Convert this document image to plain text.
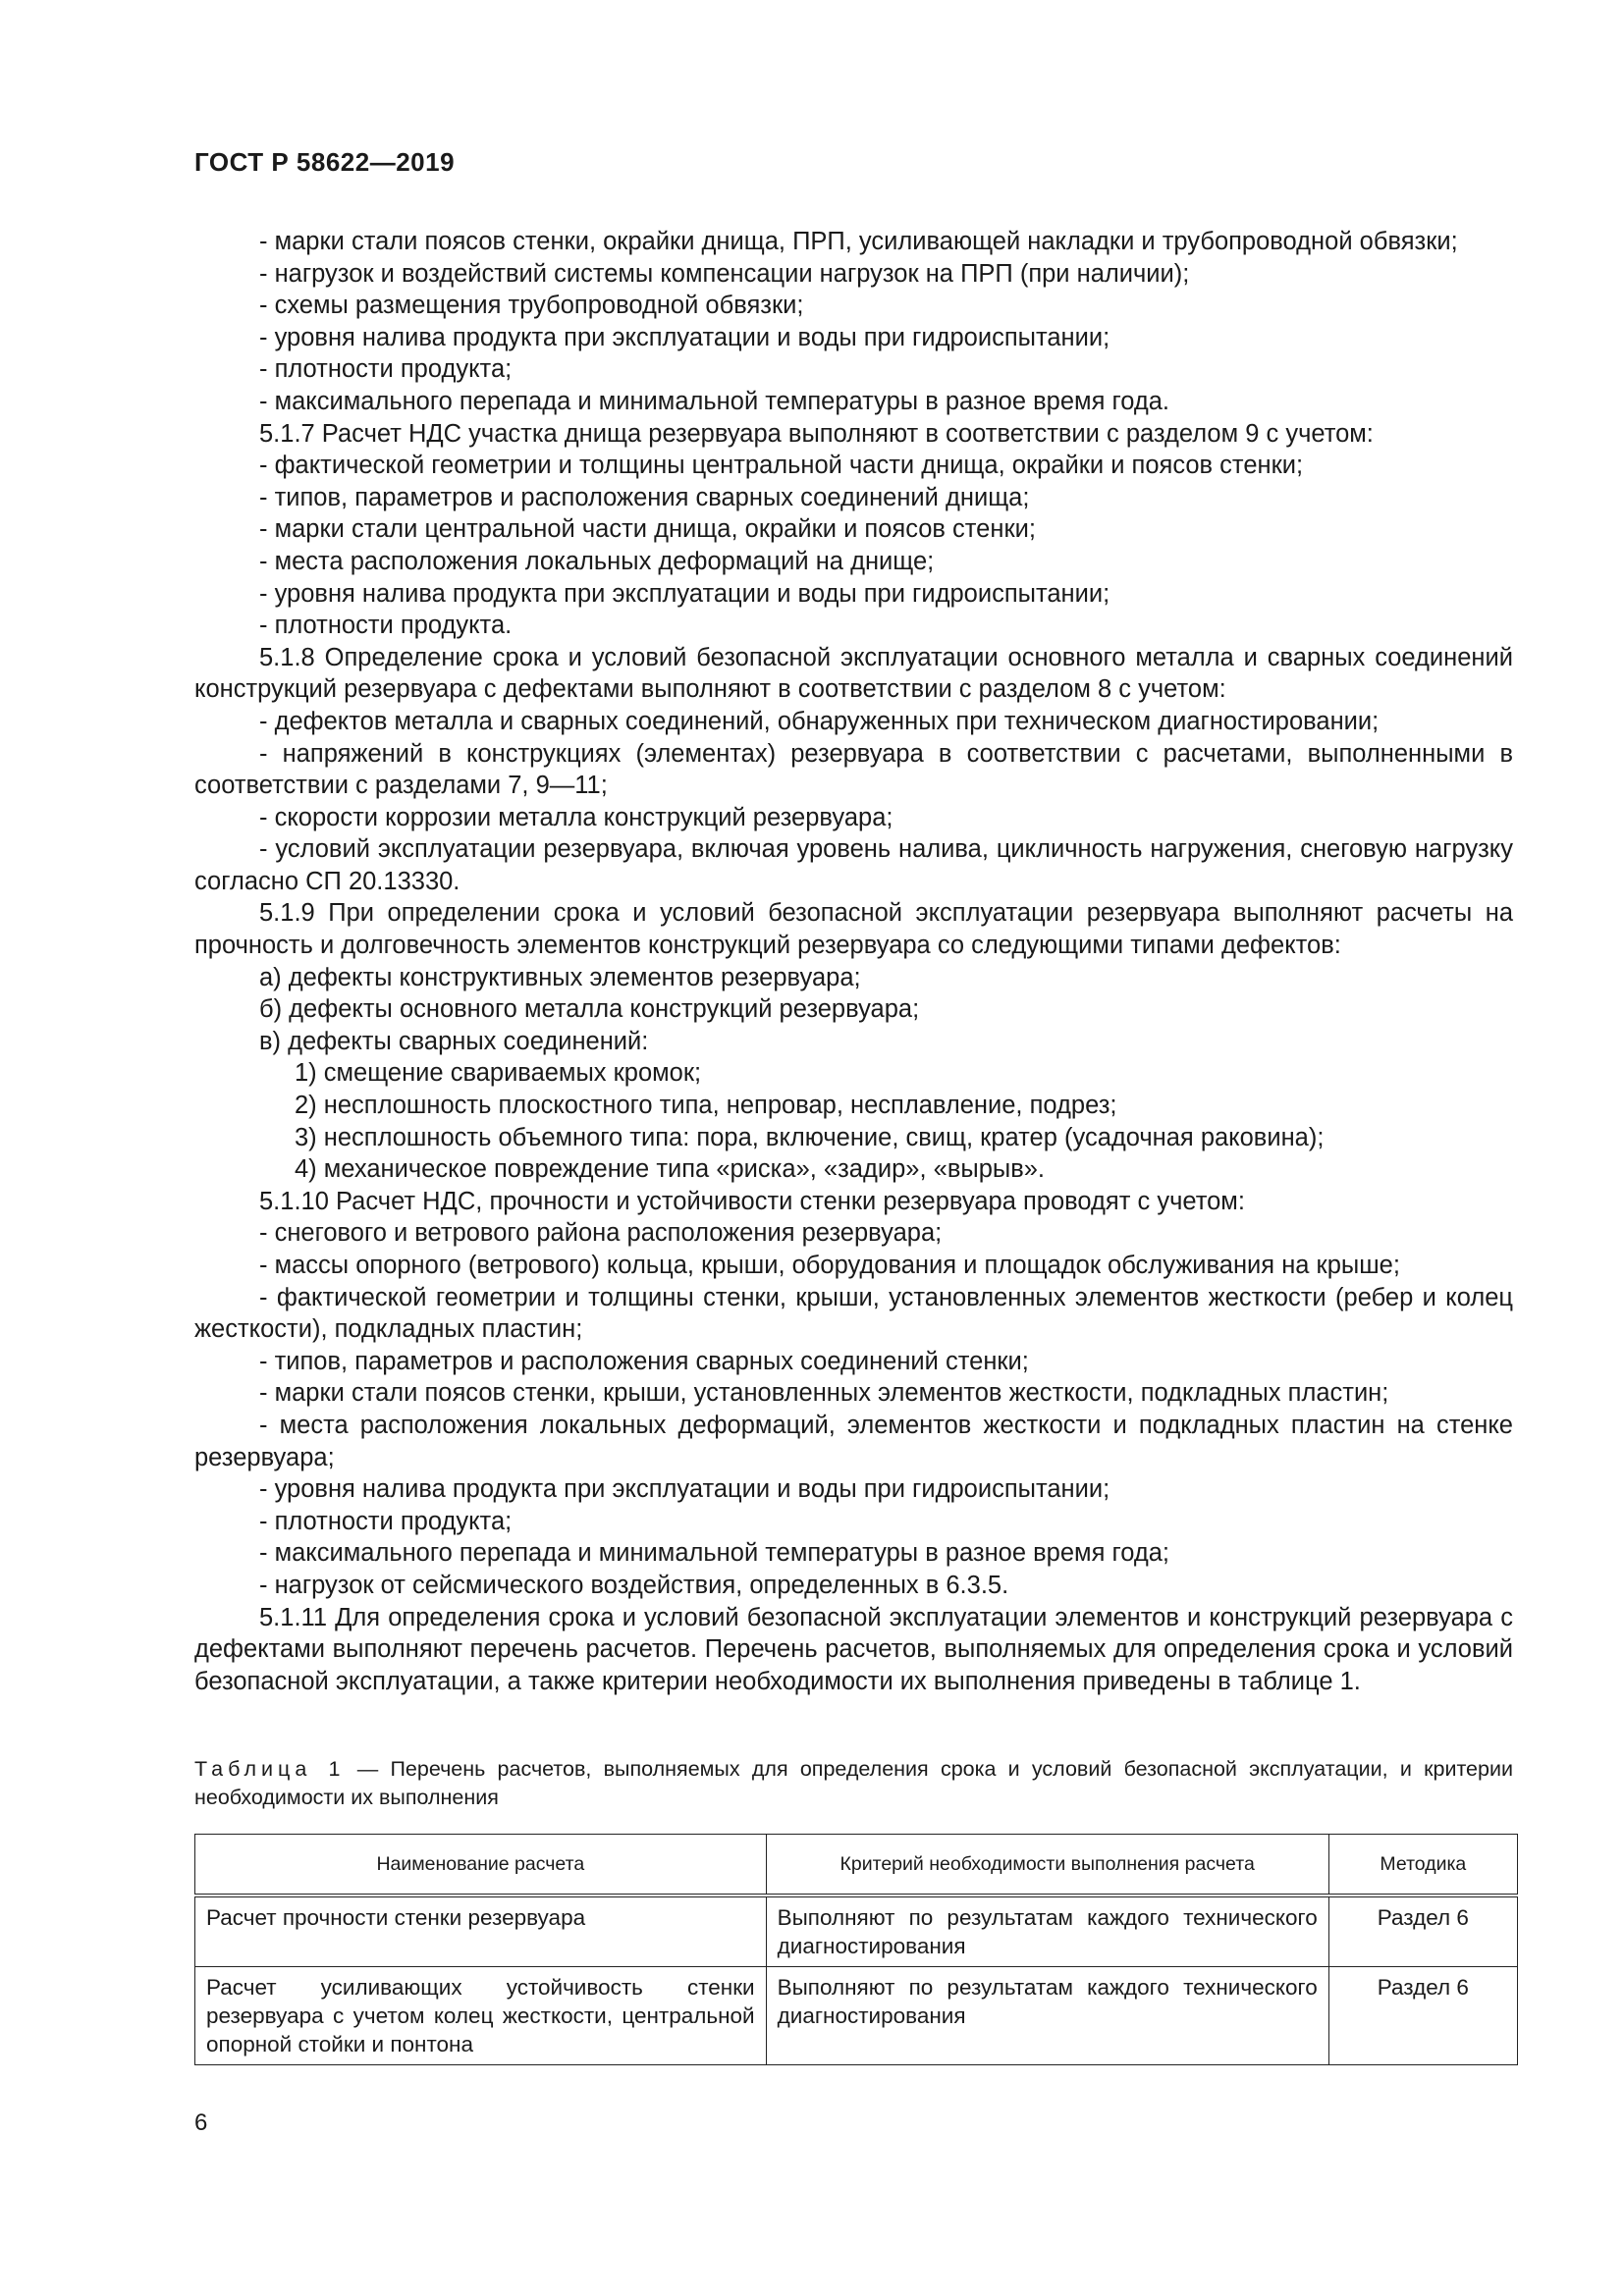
ГОСТ Р 58622—2019
- марки стали поясов стенки, окрайки днища, ПРП, усиливающей накладки и трубопроводной обвязки;
- нагрузок и воздействий системы компенсации нагрузок на ПРП (при наличии);
- схемы размещения трубопроводной обвязки;
- уровня налива продукта при эксплуатации и воды при гидроиспытании;
- плотности продукта;
- максимального перепада и минимальной температуры в разное время года.
5.1.7 Расчет НДС участка днища резервуара выполняют в соответствии с разделом 9 с учетом:
- фактической геометрии и толщины центральной части днища, окрайки и поясов стенки;
- типов, параметров и расположения сварных соединений днища;
- марки стали центральной части днища, окрайки и поясов стенки;
- места расположения локальных деформаций на днище;
- уровня налива продукта при эксплуатации и воды при гидроиспытании;
- плотности продукта.
5.1.8 Определение срока и условий безопасной эксплуатации основного металла и сварных соединений конструкций резервуара с дефектами выполняют в соответствии с разделом 8 с учетом:
- дефектов металла и сварных соединений, обнаруженных при техническом диагностировании;
- напряжений в конструкциях (элементах) резервуара в соответствии с расчетами, выполненными в соответствии с разделами 7, 9—11;
- скорости коррозии металла конструкций резервуара;
- условий эксплуатации резервуара, включая уровень налива, цикличность нагружения, снеговую нагрузку согласно СП 20.13330.
5.1.9 При определении срока и условий безопасной эксплуатации резервуара выполняют расчеты на прочность и долговечность элементов конструкций резервуара со следующими типами дефектов:
а) дефекты конструктивных элементов резервуара;
б) дефекты основного металла конструкций резервуара;
в) дефекты сварных соединений:
1) смещение свариваемых кромок;
2) несплошность плоскостного типа, непровар, несплавление, подрез;
3) несплошность объемного типа: пора, включение, свищ, кратер (усадочная раковина);
4) механическое повреждение типа «риска», «задир», «вырыв».
5.1.10 Расчет НДС, прочности и устойчивости стенки резервуара проводят с учетом:
- снегового и ветрового района расположения резервуара;
- массы опорного (ветрового) кольца, крыши, оборудования и площадок обслуживания на крыше;
- фактической геометрии и толщины стенки, крыши, установленных элементов жесткости (ребер и колец жесткости), подкладных пластин;
- типов, параметров и расположения сварных соединений стенки;
- марки стали поясов стенки, крыши, установленных элементов жесткости, подкладных пластин;
- места расположения локальных деформаций, элементов жесткости и подкладных пластин на стенке резервуара;
- уровня налива продукта при эксплуатации и воды при гидроиспытании;
- плотности продукта;
- максимального перепада и минимальной температуры в разное время года;
- нагрузок от сейсмического воздействия, определенных в 6.3.5.
5.1.11 Для определения срока и условий безопасной эксплуатации элементов и конструкций резервуара с дефектами выполняют перечень расчетов. Перечень расчетов, выполняемых для определения срока и условий безопасной эксплуатации, а также критерии необходимости их выполнения приведены в таблице 1.
Таблица 1 — Перечень расчетов, выполняемых для определения срока и условий безопасной эксплуатации, и критерии необходимости их выполнения
Наименование расчета	Критерий необходимости выполнения расчета	Методика
Расчет прочности стенки резервуара	Выполняют по результатам каждого технического диагностирования	Раздел 6
Расчет усиливающих устойчивость стенки резервуара с учетом колец жесткости, центральной опорной стойки и понтона	Выполняют по результатам каждого технического диагностирования	Раздел 6
6
